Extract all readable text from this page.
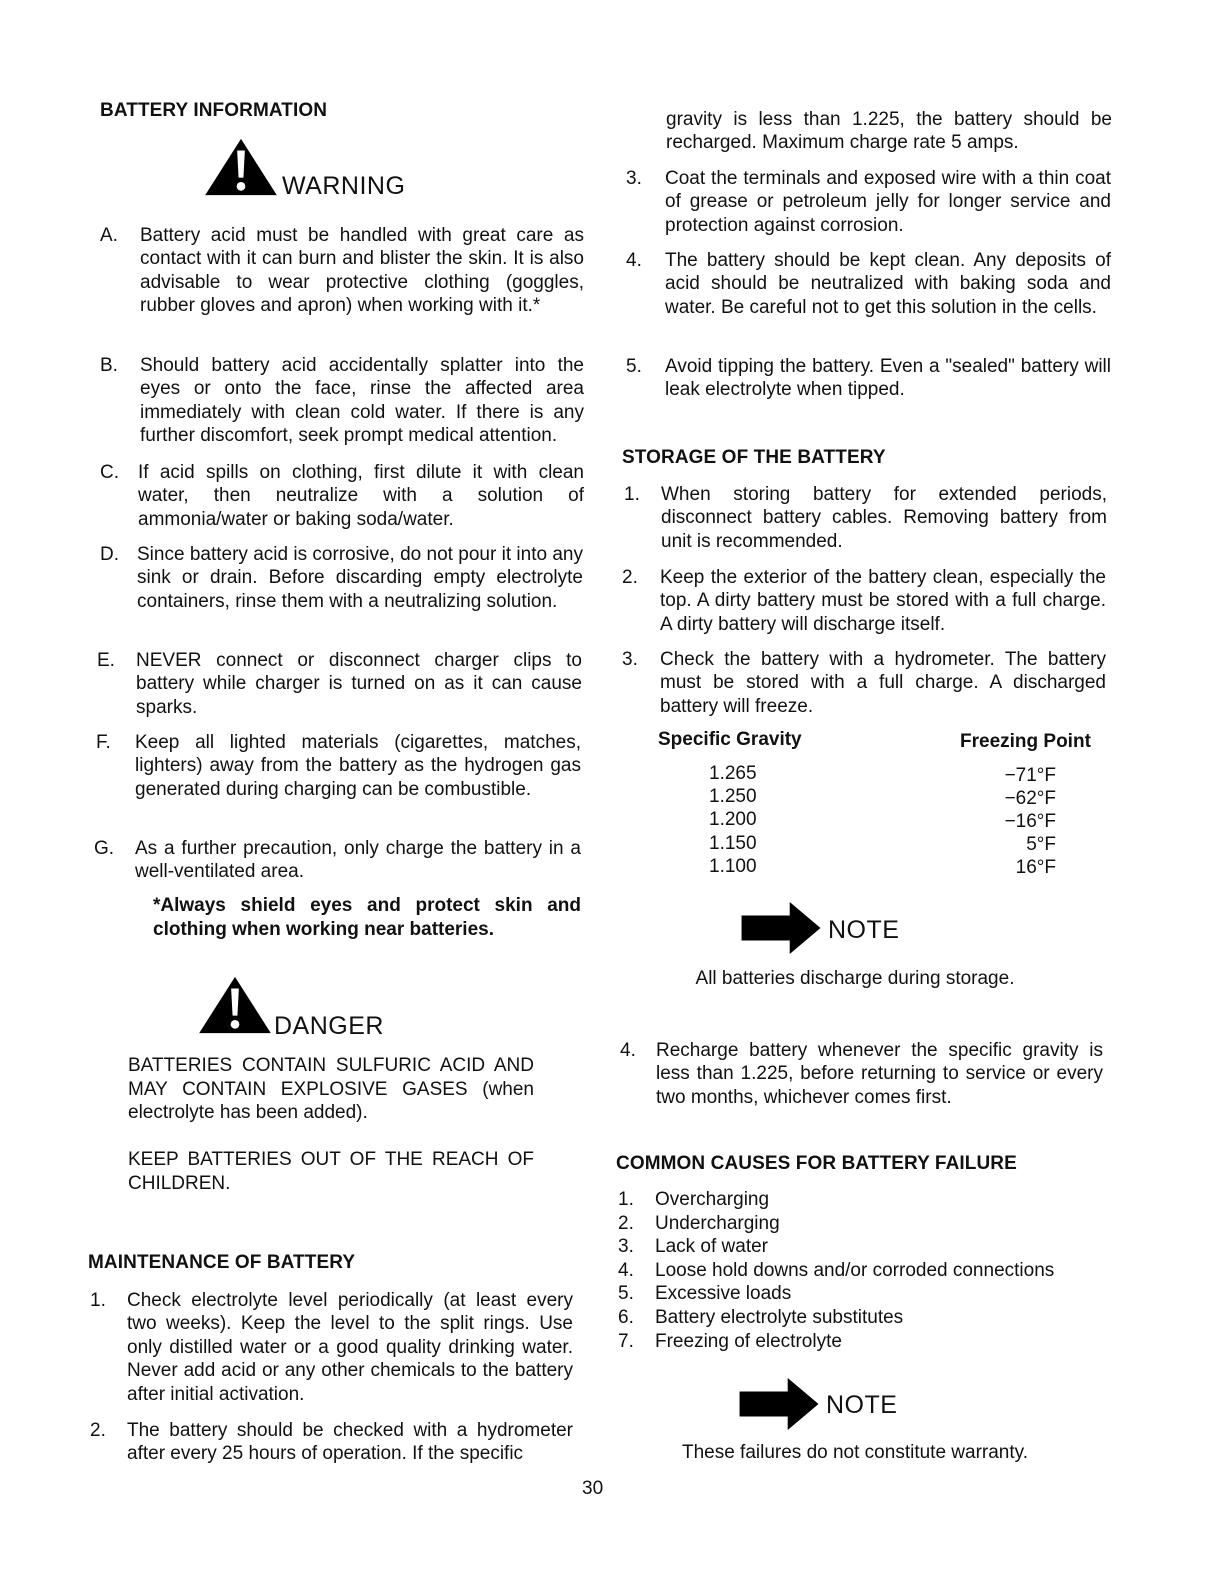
BATTERY INFORMATION
WARNING
A. Battery acid must be handled with great care as contact with it can burn and blister the skin. It is also advisable to wear protective clothing (goggles, rubber gloves and apron) when working with it.*
B. Should battery acid accidentally splatter into the eyes or onto the face, rinse the affected area immediately with clean cold water. If there is any further discomfort, seek prompt medical attention.
C. If acid spills on clothing, first dilute it with clean water, then neutralize with a solution of ammonia/water or baking soda/water.
D. Since battery acid is corrosive, do not pour it into any sink or drain. Before discarding empty electrolyte containers, rinse them with a neutralizing solution.
E. NEVER connect or disconnect charger clips to battery while charger is turned on as it can cause sparks.
F. Keep all lighted materials (cigarettes, matches, lighters) away from the battery as the hydrogen gas generated during charging can be combustible.
G. As a further precaution, only charge the battery in a well-ventilated area.
*Always shield eyes and protect skin and clothing when working near batteries.
DANGER
BATTERIES CONTAIN SULFURIC ACID AND MAY CONTAIN EXPLOSIVE GASES (when electrolyte has been added).
KEEP BATTERIES OUT OF THE REACH OF CHILDREN.
MAINTENANCE OF BATTERY
1. Check electrolyte level periodically (at least every two weeks). Keep the level to the split rings. Use only distilled water or a good quality drinking water. Never add acid or any other chemicals to the battery after initial activation.
2. The battery should be checked with a hydrometer after every 25 hours of operation. If the specific
gravity is less than 1.225, the battery should be recharged. Maximum charge rate 5 amps.
3. Coat the terminals and exposed wire with a thin coat of grease or petroleum jelly for longer service and protection against corrosion.
4. The battery should be kept clean. Any deposits of acid should be neutralized with baking soda and water. Be careful not to get this solution in the cells.
5. Avoid tipping the battery. Even a "sealed" battery will leak electrolyte when tipped.
STORAGE OF THE BATTERY
1. When storing battery for extended periods, disconnect battery cables. Removing battery from unit is recommended.
2. Keep the exterior of the battery clean, especially the top. A dirty battery must be stored with a full charge. A dirty battery will discharge itself.
3. Check the battery with a hydrometer. The battery must be stored with a full charge. A discharged battery will freeze.
Specific Gravity	Freezing Point
1.265	−71°F
1.250	−62°F
1.200	−16°F
1.150	5°F
1.100	16°F
NOTE
All batteries discharge during storage.
4. Recharge battery whenever the specific gravity is less than 1.225, before returning to service or every two months, whichever comes first.
COMMON CAUSES FOR BATTERY FAILURE
1. Overcharging
2. Undercharging
3. Lack of water
4. Loose hold downs and/or corroded connections
5. Excessive loads
6. Battery electrolyte substitutes
7. Freezing of electrolyte
NOTE
These failures do not constitute warranty.
30
